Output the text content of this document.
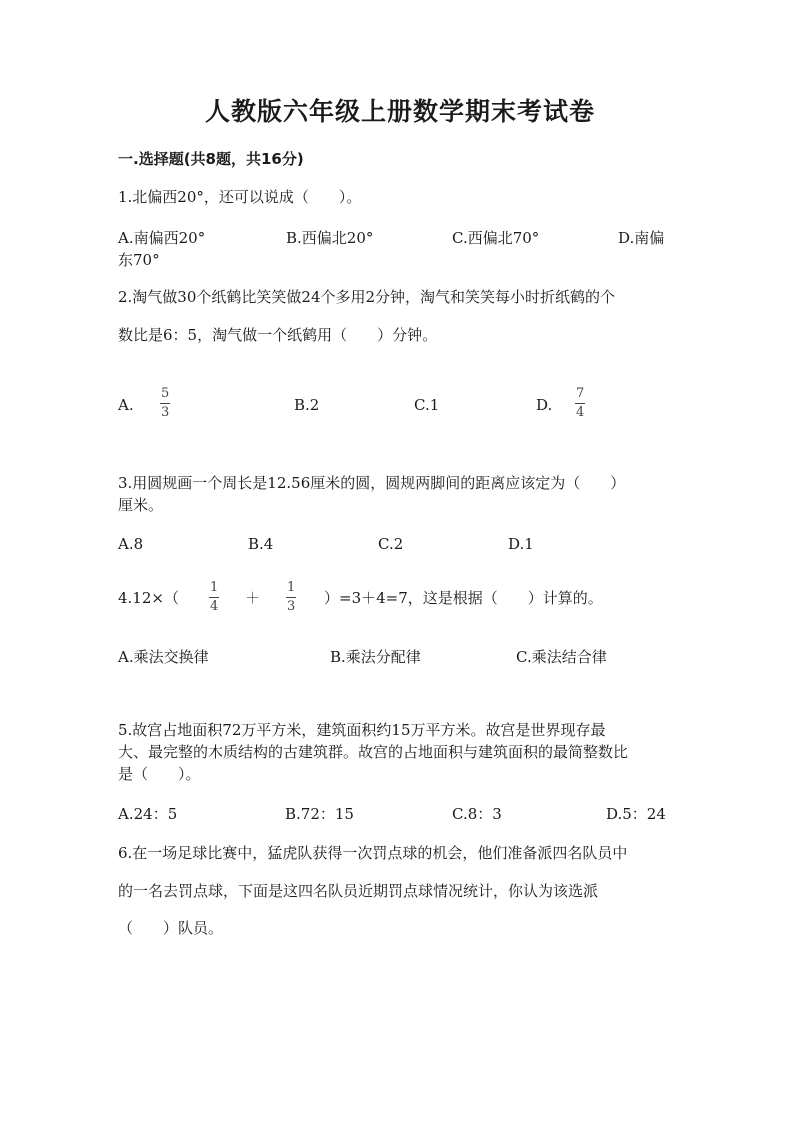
人教版六年级上册数学期末考试卷
一.选择题(共8题，共16分)
1.北偏西20°，还可以说成（　　）。
A.南偏西20°	B.西偏北20°	C.西偏北70°	D.南偏
东70°
2.淘气做30个纸鹤比笑笑做24个多用2分钟，淘气和笑笑每小时折纸鹤的个
数比是6：5，淘气做一个纸鹤用（　　）分钟。
A.
5
3	B.2	C.1	D.
7
4
3.用圆规画一个周长是12.56厘米的圆，圆规两脚间的距离应该定为（　　）
厘米。
A.8	B.4	C.2	D.1
4.12×（
1
4 ＋
1
3 ）=3＋4=7，这是根据（　　）计算的。
A.乘法交换律	B.乘法分配律	C.乘法结合律
5.故宫占地面积72万平方米，建筑面积约15万平方米。故宫是世界现存最
大、最完整的木质结构的古建筑群。故宫的占地面积与建筑面积的最简整数比
是（　　）。
A.24：5	B.72：15	C.8：3	D.5：24
6.在一场足球比赛中，猛虎队获得一次罚点球的机会，他们准备派四名队员中
的一名去罚点球，下面是这四名队员近期罚点球情况统计，你认为该选派
（　　）队员。
